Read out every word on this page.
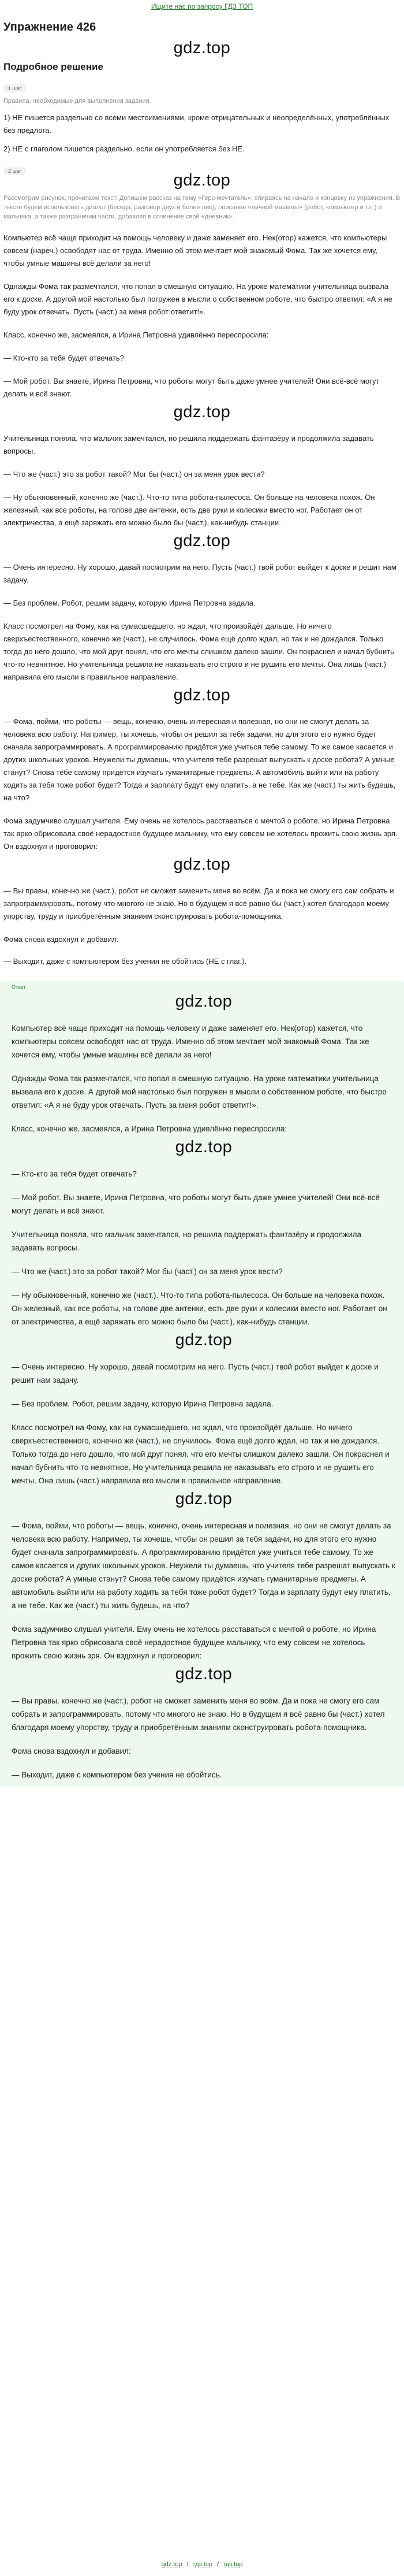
Ищите нас по запросу ГДЗ ТОП
Упражнение 426
gdz.top
Подробное решение
1 шаг
Правила, необходимые для выполнения задания.
1) НЕ пишется раздельно со всеми местоимениями, кроме отрицательных и неопределённых, употреблённых без предлога.
2) НЕ с глаголом пишется раздельно, если он употребляется без НЕ.
2 шаг	gdz.top
Рассмотрим рисунок, прочитаем текст. Допишем рассказ на тему «Герс-мечтатель», опираясь на начало и концовку из упражнения. В тексте будем использовать диалог (беседа, разговор двух и более лиц), описание «личной машины» (робот, компьютер и т.п.) и мальчика, а также разграничим части, добавляя в сочинение свой «дневник».
Компьютер всё чаще приходит на помощь человеку и даже заменяет его. Нек(отор) кажется, что компьютеры совсем (нареч.) освободят нас от труда. Именно об этом мечтает мой знакомый Фома. Так же хочется ему, чтобы умные машины всё делали за него!
Однажды Фома так размечтался, что попал в смешную ситуацию. На уроке математики учительница вызвала его к доске. А другой мой настолько был погружен в мысли о собственном роботе, что быстро ответил: «А я не буду урок отвечать. Пусть (част.) за меня робот ответит!».
Класс, конечно же, засмеялся, а Ирина Петровна удивлённо переспросила:
— Кто-кто за тебя будет отвечать?
— Мой робот. Вы знаете, Ирина Петровна, что роботы могут быть даже умнее учителей! Они всё-всё могут делать и всё знают.
gdz.top
Учительница поняла, что мальчик замечтался, но решила поддержать фантазёру и продолжила задавать вопросы.
— Что же (част.) это за робот такой? Мог бы (част.) он за меня урок вести?
— Ну обыкновенный, конечно же (част.). Что-то типа робота-пылесоса. Он больше на человека похож. Он железный, как все роботы, на голове две антенки, есть две руки и колесики вместо ног. Работает он от электричества, а ещё заряжать его можно было бы (част.), как-нибудь станции.
gdz.top
— Очень интересно. Ну хорошо, давай посмотрим на него. Пусть (част.) твой робот выйдет к доске и решит нам задачу.
— Без проблем. Робот, решим задачу, которую Ирина Петровна задала.
Класс посмотрел на Фому, как на сумасшедшего, но ждал, что произойдёт дальше. Но ничего сверхъестественного, конечно же (част.), не случилось. Фома ещё долго ждал, но так и не дождался. Только тогда до него дошло, что мой друг понял, что его мечты слишком далеко зашли. Он покраснел и начал бубнить что-то невнятное. Но учительница решила не наказывать его строго и не рушить его мечты. Она лишь (част.) направила его мысли в правильное направление.
gdz.top
— Фома, пойми, что роботы — вещь, конечно, очень интересная и полезная, но они не смогут делать за человека всю работу. Например, ты хочешь, чтобы он решил за тебя задачи, но для этого его нужно будет сначала запрограммировать. А программированию придётся уже учиться тебе самому. То же самое касается и других школьных уроков. Неужели ты думаешь, что учителя тебе разрешат выпускать к доске робота? А умные станут? Снова тебе самому придётся изучать гуманитарные предметы. А автомобиль выйти или на работу ходить за тебя тоже робот будет? Тогда и зарплату будут ему платить, а не тебе. Как же (част.) ты жить будешь, на что?
Фома задумчиво слушал учителя. Ему очень не хотелось расставаться с мечтой о роботе, но Ирина Петровна так ярко обрисовала своё нерадостное будущее мальчику, что ему совсем не хотелось прожить свою жизнь зря. Он вздохнул и проговорил:
gdz.top
— Вы правы, конечно же (част.), робот не сможет заменить меня во всём. Да и пока не смогу его сам собрать и запрограммировать, потому что многого не знаю. Но в будущем я всё равно бы (част.) хотел благодаря моему упорству, труду и приобретённым знаниям сконструировать робота-помощника.
Фома снова вздохнул и добавил:
— Выходит, даже с компьютером без учения не обойтись (НЕ с глаг.).
Ответ
gdz.top
Компьютер всё чаще приходит на помощь человеку и даже заменяет его. Нек(отор) кажется, что компьютеры совсем освободят нас от труда. Именно об этом мечтает мой знакомый Фома. Так же хочется ему, чтобы умные машины всё делали за него!
Однажды Фома так размечтался, что попал в смешную ситуацию. На уроке математики учительница вызвала его к доске. А другой мой настолько был погружен в мысли о собственном роботе, что быстро ответил: «А я не буду урок отвечать. Пусть за меня робот ответит!».
Класс, конечно же, засмеялся, а Ирина Петровна удивлённо переспросила:
gdz.top
— Кто-кто за тебя будет отвечать?
— Мой робот. Вы знаете, Ирина Петровна, что роботы могут быть даже умнее учителей! Они всё-всё могут делать и всё знают.
Учительница поняла, что мальчик замечтался, но решила поддержать фантазёру и продолжила задавать вопросы.
— Что же (част.) это за робот такой? Мог бы (част.) он за меня урок вести?
— Ну обыкновенный, конечно же (част.). Что-то типа робота-пылесоса. Он больше на человека похож. Он железный, как все роботы, на голове две антенки, есть две руки и колесики вместо ног. Работает он от электричества, а ещё заряжать его можно было бы (част.), как-нибудь станции.
gdz.top
— Очень интересно. Ну хорошо, давай посмотрим на него. Пусть (част.) твой робот выйдет к доске и решит нам задачу.
— Без проблем. Робот, решим задачу, которую Ирина Петровна задала.
Класс посмотрел на Фому, как на сумасшедшего, но ждал, что произойдёт дальше. Но ничего сверхъестественного, конечно же (част.), не случилось. Фома ещё долго ждал, но так и не дождался. Только тогда до него дошло, что мой друг понял, что его мечты слишком далеко зашли. Он покраснел и начал бубнить что-то невнятное. Но учительница решила не наказывать его строго и не рушить его мечты. Она лишь (част.) направила его мысли в правильное направление.
gdz.top
— Фома, пойми, что роботы — вещь, конечно, очень интересная и полезная, но они не смогут делать за человека всю работу. Например, ты хочешь, чтобы он решил за тебя задачи, но для этого его нужно будет сначала запрограммировать. А программированию придётся уже учиться тебе самому. То же самое касается и других школьных уроков. Неужели ты думаешь, что учителя тебе разрешат выпускать к доске робота? А умные станут? Снова тебе самому придётся изучать гуманитарные предметы. А автомобиль выйти или на работу ходить за тебя тоже робот будет? Тогда и зарплату будут ему платить, а не тебе. Как же (част.) ты жить будешь, на что?
Фома задумчиво слушал учителя. Ему очень не хотелось расставаться с мечтой о роботе, но Ирина Петровна так ярко обрисовала своё нерадостное будущее мальчику, что ему совсем не хотелось прожить свою жизнь зря. Он вздохнул и проговорил:
gdz.top
— Вы правы, конечно же (част.), робот не сможет заменить меня во всём. Да и пока не смогу его сам собрать и запрограммировать, потому что многого не знаю. Но в будущем я всё равно бы (част.) хотел благодаря моему упорству, труду и приобретённым знаниям сконструировать робота-помощника.
Фома снова вздохнул и добавил:
— Выходит, даже с компьютером без учения не обойтись.
gdz.top / гдз.top / гдз top
